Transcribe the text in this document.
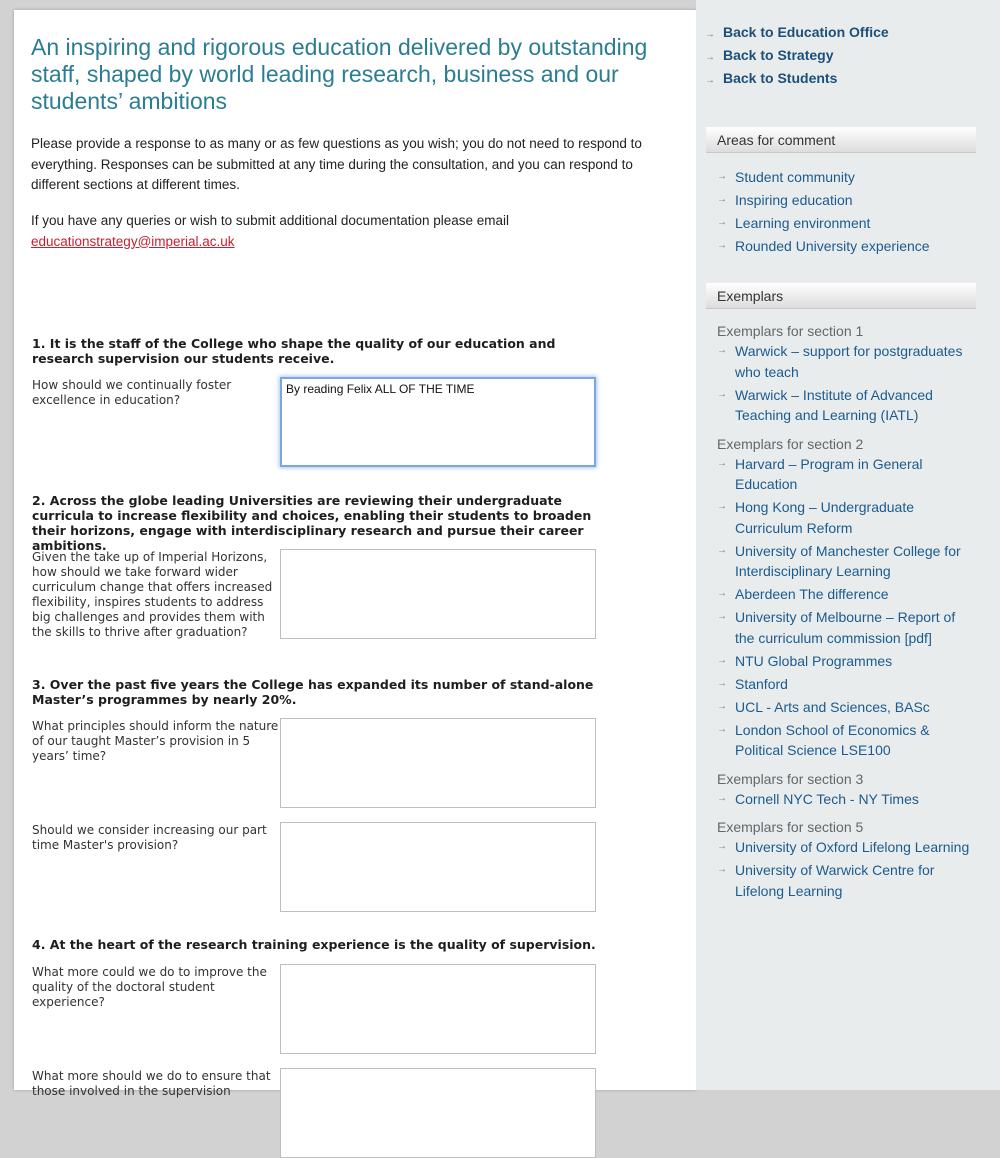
An inspiring and rigorous education delivered by outstanding staff, shaped by world leading research, business and our students’ ambitions

Please provide a response to as many or as few questions as you wish; you do not need to respond to everything. Responses can be submitted at any time during the consultation, and you can respond to different sections at different times.

If you have any queries or wish to submit additional documentation please email
educationstrategy@imperial.ac.uk

1. It is the staff of the College who shape the quality of our education and research supervision our students receive.
How should we continually foster excellence in education?
By reading Felix ALL OF THE TIME
2. Across the globe leading Universities are reviewing their undergraduate curricula to increase flexibility and choices, enabling their students to broaden their horizons, engage with interdisciplinary research and pursue their career ambitions.
Given the take up of Imperial Horizons, how should we take forward wider curriculum change that offers increased flexibility, inspires students to address big challenges and provides them with the skills to thrive after graduation?
3. Over the past five years the College has expanded its number of stand-alone Master’s programmes by nearly 20%.
What principles should inform the nature of our taught Master’s provision in 5 years’ time?
Should we consider increasing our part time Master's provision?
4. At the heart of the research training experience is the quality of supervision.
What more could we do to improve the quality of the doctoral student experience?
What more should we do to ensure that those involved in the supervision
→ Back to Education Office
→ Back to Strategy
→ Back to Students
Areas for comment
→ Student community
→ Inspiring education
→ Learning environment
→ Rounded University experience
Exemplars
Exemplars for section 1
→ Warwick – support for postgraduates who teach
→ Warwick – Institute of Advanced Teaching and Learning (IATL)
Exemplars for section 2
→ Harvard – Program in General Education
→ Hong Kong – Undergraduate Curriculum Reform
→ University of Manchester College for Interdisciplinary Learning
→ Aberdeen The difference
→ University of Melbourne – Report of the curriculum commission [pdf]
→ NTU Global Programmes
→ Stanford
→ UCL - Arts and Sciences, BASc
→ London School of Economics & Political Science LSE100
Exemplars for section 3
→ Cornell NYC Tech - NY Times
Exemplars for section 5
→ University of Oxford Lifelong Learning
→ University of Warwick Centre for Lifelong Learning
